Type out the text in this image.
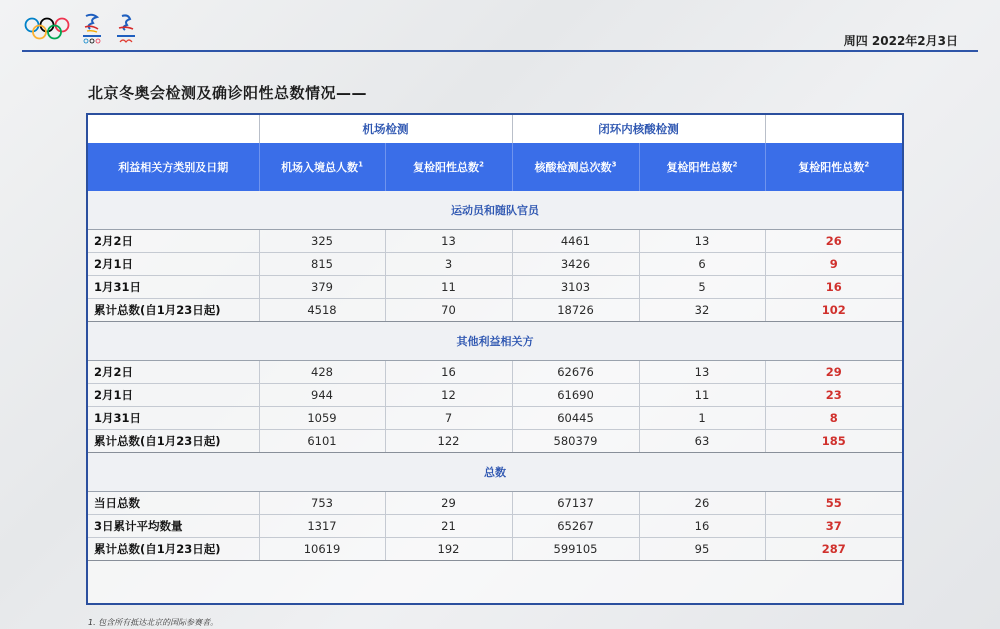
周四 2022年2月3日
北京冬奥会检测及确诊阳性总数情况——
	机场检测		闭环内核酸检测		
利益相关方类别及日期	机场入境总人数$^1$	复检阳性总数$^2$	核酸检测总次数$^3$	复检阳性总数$^2$	复检阳性总数$^2$
运动员和随队官员					
2月2日	325	13	4461	13	26
2月1日	815	3	3426	6	9
1月31日	379	11	3103	5	16
累计总数(自1月23日起)	4518	70	18726	32	102
其他利益相关方					
2月2日	428	16	62676	13	29
2月1日	944	12	61690	11	23
1月31日	1059	7	60445	1	8
累计总数(自1月23日起)	6101	122	580379	63	185
总数					
当日总数	753	29	67137	26	55
3日累计平均数量	1317	21	65267	16	37
累计总数(自1月23日起)	10619	192	599105	95	287
1. 包含所有抵达北京的国际参赛者。
